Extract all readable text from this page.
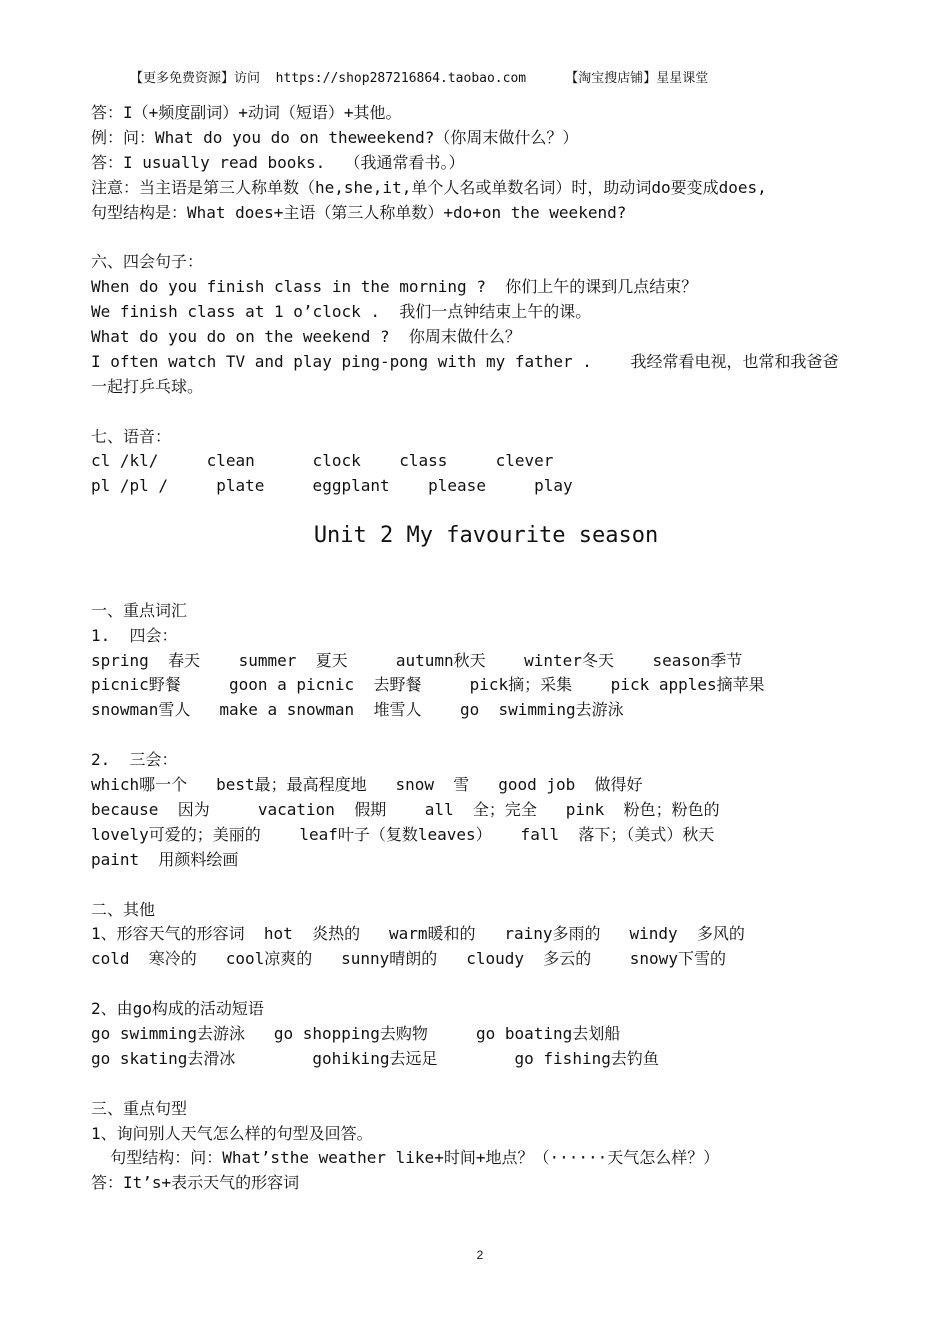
【更多免费资源】访问  https://shop287216864.taobao.com     【淘宝搜店铺】星星课堂
答：I（+频度副词）+动词（短语）+其他。
例：问：What do you do on theweekend?（你周末做什么？）
答：I usually read books.  （我通常看书。）
注意：当主语是第三人称单数（he,she,it,单个人名或单数名词）时，助动词do要变成does,
句型结构是：What does+主语（第三人称单数）+do+on the weekend?
六、四会句子：
When do you finish class in the morning ?  你们上午的课到几点结束？
We finish class at 1 o’clock .  我们一点钟结束上午的课。
What do you do on the weekend ?  你周末做什么？
I often watch TV and play ping-pong with my father .    我经常看电视，也常和我爸爸
一起打乒乓球。
七、语音：
cl /kl/     clean      clock    class     clever
pl /pl /     plate     eggplant    please     play
Unit 2 My favourite season
一、重点词汇
1.  四会：
spring  春天    summer  夏天     autumn秋天    winter冬天    season季节
picnic野餐     goon a picnic  去野餐     pick摘；采集    pick apples摘苹果
snowman雪人   make a snowman  堆雪人    go  swimming去游泳
2.  三会：
which哪一个   best最；最高程度地   snow  雪   good job  做得好
because  因为     vacation  假期    all  全；完全   pink  粉色；粉色的
lovely可爱的；美丽的    leaf叶子（复数leaves）   fall  落下；（美式）秋天
paint  用颜料绘画
二、其他
1、形容天气的形容词  hot  炎热的   warm暖和的   rainy多雨的   windy  多风的
cold  寒冷的   cool凉爽的   sunny晴朗的   cloudy  多云的    snowy下雪的
2、由go构成的活动短语
go swimming去游泳   go shopping去购物     go boating去划船
go skating去滑冰        gohiking去远足        go fishing去钓鱼
三、重点句型
1、询问别人天气怎么样的句型及回答。
句型结构：问：What’sthe weather like+时间+地点？（······天气怎么样？）
答：It’s+表示天气的形容词
2
